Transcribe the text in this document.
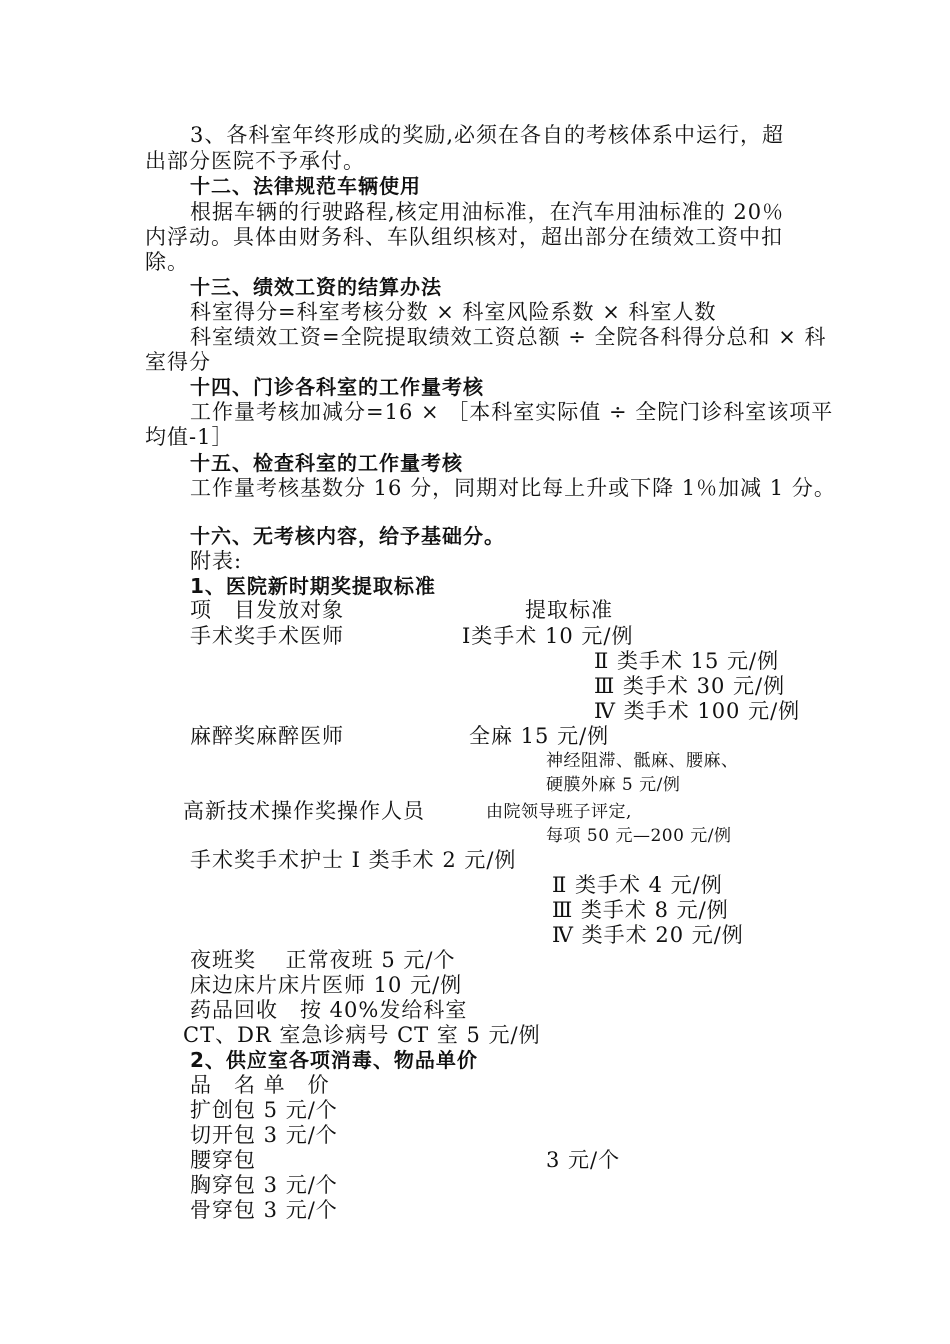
3、各科室年终形成的奖励,必须在各自的考核体系中运行，超
出部分医院不予承付。
十二、法律规范车辆使用
根据车辆的行驶路程,核定用油标准，在汽车用油标准的 20％
内浮动。具体由财务科、车队组织核对，超出部分在绩效工资中扣
除。
十三、绩效工资的结算办法
科室得分=科室考核分数 × 科室风险系数 × 科室人数
科室绩效工资=全院提取绩效工资总额 ÷ 全院各科得分总和 × 科
室得分
十四、门诊各科室的工作量考核
工作量考核加减分=16 × ［本科室实际值 ÷ 全院门诊科室该项平
均值-1］
十五、检查科室的工作量考核
工作量考核基数分 16 分，同期对比每上升或下降 1％加减 1 分。
十六、无考核内容，给予基础分。
附表:
1、医院新时期奖提取标准
项　目发放对象	提取标准
手术奖手术医师	Ⅰ类手术 10 元/例
Ⅱ 类手术 15 元/例
Ⅲ 类手术 30 元/例
Ⅳ 类手术 100 元/例
麻醉奖麻醉医师	全麻 15 元/例
神经阻滞、骶麻、腰麻、
硬膜外麻 5 元/例
高新技术操作奖操作人员	由院领导班子评定,
每项 50 元—200 元/例
手术奖手术护士 Ⅰ 类手术 2 元/例
Ⅱ 类手术 4 元/例
Ⅲ 类手术 8 元/例
Ⅳ 类手术 20 元/例
夜班奖　 正常夜班 5 元/个
床边床片床片医师 10 元/例
药品回收　按 40%发给科室
CT、DR 室急诊病号 CT 室 5 元/例
2、供应室各项消毒、物品单价
品　名 单　价
扩创包 5 元/个
切开包 3 元/个
腰穿包	3 元/个
胸穿包 3 元/个
骨穿包 3 元/个
